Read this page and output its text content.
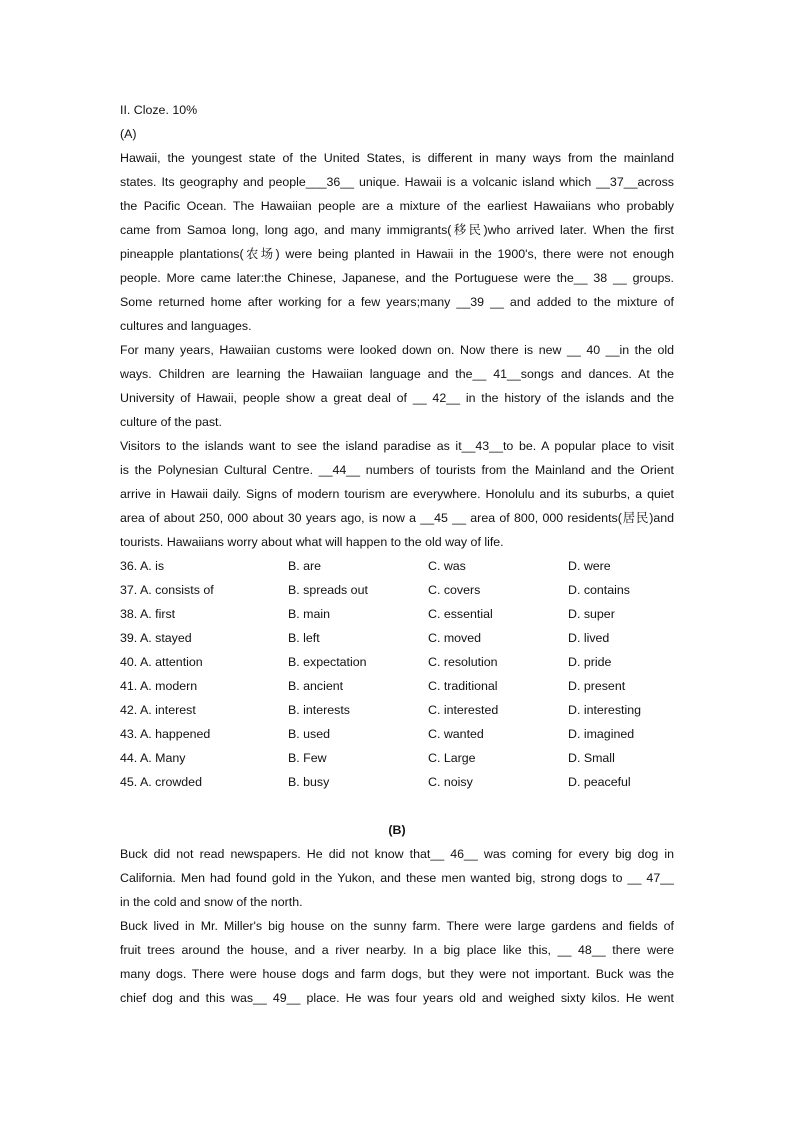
II. Cloze. 10%
(A)
Hawaii, the youngest state of the United States, is different in many ways from the mainland
states. Its geography and people___36__ unique. Hawaii is a volcanic island which __37__across
the Pacific Ocean. The Hawaiian people are a mixture of the earliest Hawaiians who probably
came from Samoa long, long ago, and many immigrants(移民)who arrived later. When the first
pineapple plantations(农场) were being planted in Hawaii in the 1900's, there were not enough
people. More came later:the Chinese, Japanese, and the Portuguese were the__ 38 __ groups.
Some returned home after working for a few years;many __39 __ and added to the mixture of
cultures and languages.
For many years, Hawaiian customs were looked down on. Now there is new __ 40 __in the old
ways. Children are learning the Hawaiian language and the__ 41__songs and dances. At the
University of Hawaii, people show a great deal of __ 42__ in the history of the islands and the
culture of the past.
Visitors to the islands want to see the island paradise as it__43__to be. A popular place to visit
is the Polynesian Cultural Centre. __44__ numbers of tourists from the Mainland and the Orient
arrive in Hawaii daily. Signs of modern tourism are everywhere. Honolulu and its suburbs, a quiet
area of about 250, 000 about 30 years ago, is now a __45 __ area of 800, 000 residents(居民)and
tourists. Hawaiians worry about what will happen to the old way of life.
36. A. is	B. are	C. was	D. were
37. A. consists of	B. spreads out	C. covers	D. contains
38. A. first	B. main	C. essential	D. super
39. A. stayed	B. left	C. moved	D. lived
40. A. attention	B. expectation	C. resolution	D. pride
41. A. modern	B. ancient	C. traditional	D. present
42. A. interest	B. interests	C. interested	D. interesting
43. A. happened	B. used	C. wanted	D. imagined
44. A. Many	B. Few	C. Large	D. Small
45. A. crowded	B. busy	C. noisy	D. peaceful
(B)
Buck did not read newspapers. He did not know that__ 46__ was coming for every big dog in
California. Men had found gold in the Yukon, and these men wanted big, strong dogs to __ 47__
in the cold and snow of the north.
Buck lived in Mr. Miller's big house on the sunny farm. There were large gardens and fields of
fruit trees around the house, and a river nearby. In a big place like this, __ 48__ there were
many dogs. There were house dogs and farm dogs, but they were not important. Buck was the
chief dog and this was__ 49__ place. He was four years old and weighed sixty kilos. He went
